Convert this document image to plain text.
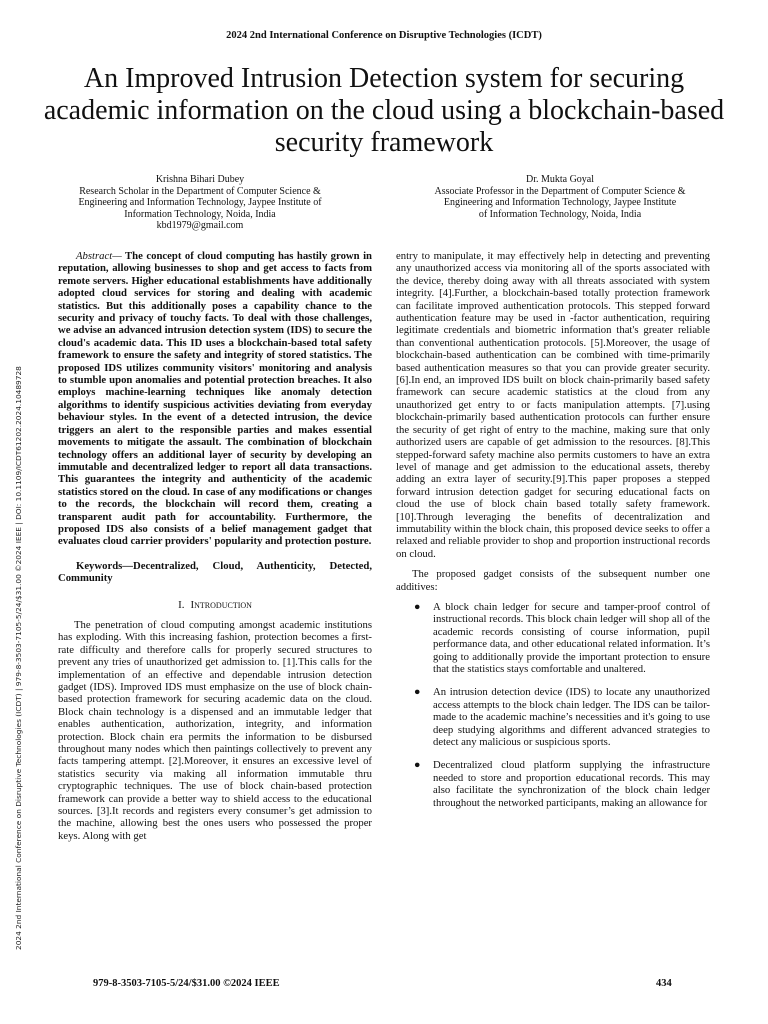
2024 2nd International Conference on Disruptive Technologies (ICDT)
An Improved Intrusion Detection system for securing academic information on the cloud using a blockchain-based security framework
Krishna Bihari Dubey
Research Scholar in the Department of Computer Science &
Engineering and Information Technology, Jaypee Institute of
Information Technology, Noida, India
kbd1979@gmail.com
Dr. Mukta Goyal
Associate Professor in the Department of Computer Science &
Engineering and Information Technology, Jaypee Institute
of Information Technology, Noida, India

Abstract— The concept of cloud computing has hastily grown in reputation, allowing businesses to shop and get access to facts from remote servers. Higher educational establishments have additionally adopted cloud services for storing and dealing with academic statistics. But this additionally poses a capability chance to the security and privacy of touchy facts. To deal with those challenges, we advise an advanced intrusion detection system (IDS) to secure the cloud's academic data. This ID uses a blockchain-based total safety framework to ensure the safety and integrity of stored statistics. The proposed IDS utilizes community visitors' monitoring and analysis to stumble upon anomalies and potential protection breaches. It also employs machine-learning techniques like anomaly detection algorithms to identify suspicious activities deviating from everyday behaviour styles. In the event of a detected intrusion, the device triggers an alert to the responsible parties and makes essential movements to mitigate the assault. The combination of blockchain technology offers an additional layer of security by developing an immutable and decentralized ledger to report all data transactions. This guarantees the integrity and authenticity of the academic statistics stored on the cloud. In case of any modifications or changes to the records, the blockchain will record them, creating a transparent audit path for accountability. Furthermore, the proposed IDS also consists of a belief management gadget that evaluates cloud carrier providers' popularity and protection posture.

Keywords—Decentralized, Cloud, Authenticity, Detected, Community

I. Introduction

The penetration of cloud computing amongst academic institutions has exploding. With this increasing fashion, protection becomes a first-rate difficulty and therefore calls for properly secured structures to prevent any tries of unauthorized get admission to. [1].This calls for the implementation of an effective and dependable intrusion detection gadget (IDS). Improved IDS must emphasize on the use of block chain-based protection framework for securing academic data on the cloud. Block chain technology is a dispensed and an immutable ledger that enables authentication, authorization, integrity, and information protection. Block chain era permits the information to be disbursed throughout many nodes which then paintings collectively to prevent any facts tampering attempt. [2].Moreover, it ensures an excessive level of statistics security via making all information immutable thru cryptographic techniques. The use of block chain-based protection framework can provide a better way to shield access to the educational sources. [3].It records and registers every consumer’s get admission to the machine, allowing best the ones users who possessed the proper keys. Along with get

entry to manipulate, it may effectively help in detecting and preventing any unauthorized access via monitoring all of the sports associated with the device, thereby doing away with all threats associated with system integrity. [4].Further, a blockchain-based totally protection framework can facilitate improved authentication protocols. This stepped forward authentication feature may be used in -factor authentication, requiring legitimate credentials and biometric information that's greater reliable than conventional authentication protocols. [5].Moreover, the usage of blockchain-based authentication can be combined with time-primarily based authentication measures so that you can provide greater security. [6].In end, an improved IDS built on block chain-primarily based safety framework can secure academic statistics at the cloud from any unauthorized get entry to or facts manipulation attempts. [7].using blockchain-primarily based authentication protocols can further ensure the security of get right of entry to the machine, making sure that only authorized users are capable of get admission to the resources. [8].This stepped-forward safety machine also permits customers to have an extra level of manage and get admission to the educational assets, thereby adding an extra layer of security.[9].This paper proposes a stepped forward intrusion detection gadget for securing educational facts on cloud the use of block chain based totally safety framework. [10].Through leveraging the benefits of decentralization and immutability within the block chain, this proposed device seeks to offer a relaxed and reliable provider to shop and proportion instructional records on cloud.

The proposed gadget consists of the subsequent number one additives:

● A block chain ledger for secure and tamper-proof control of instructional records. This block chain ledger will shop all of the academic records consisting of course information, pupil performance data, and other educational related information. It’s going to additionally provide the important protection to ensure that the statistics stays comfortable and unaltered.
● An intrusion detection device (IDS) to locate any unauthorized access attempts to the block chain ledger. The IDS can be tailor-made to the academic machine’s necessities and it's going to use deep studying algorithms and different advanced strategies to detect any malicious or suspicious sports.
● Decentralized cloud platform supplying the infrastructure needed to store and proportion educational records. This may also facilitate the synchronization of the block chain ledger throughout the networked participants, making an allowance for
2024 2nd International Conference on Disruptive Technologies (ICDT) | 979-8-3503-7105-5/24/$31.00 ©2024 IEEE | DOI: 10.1109/ICDT61202.2024.10489728
979-8-3503-7105-5/24/$31.00 ©2024 IEEE	434
